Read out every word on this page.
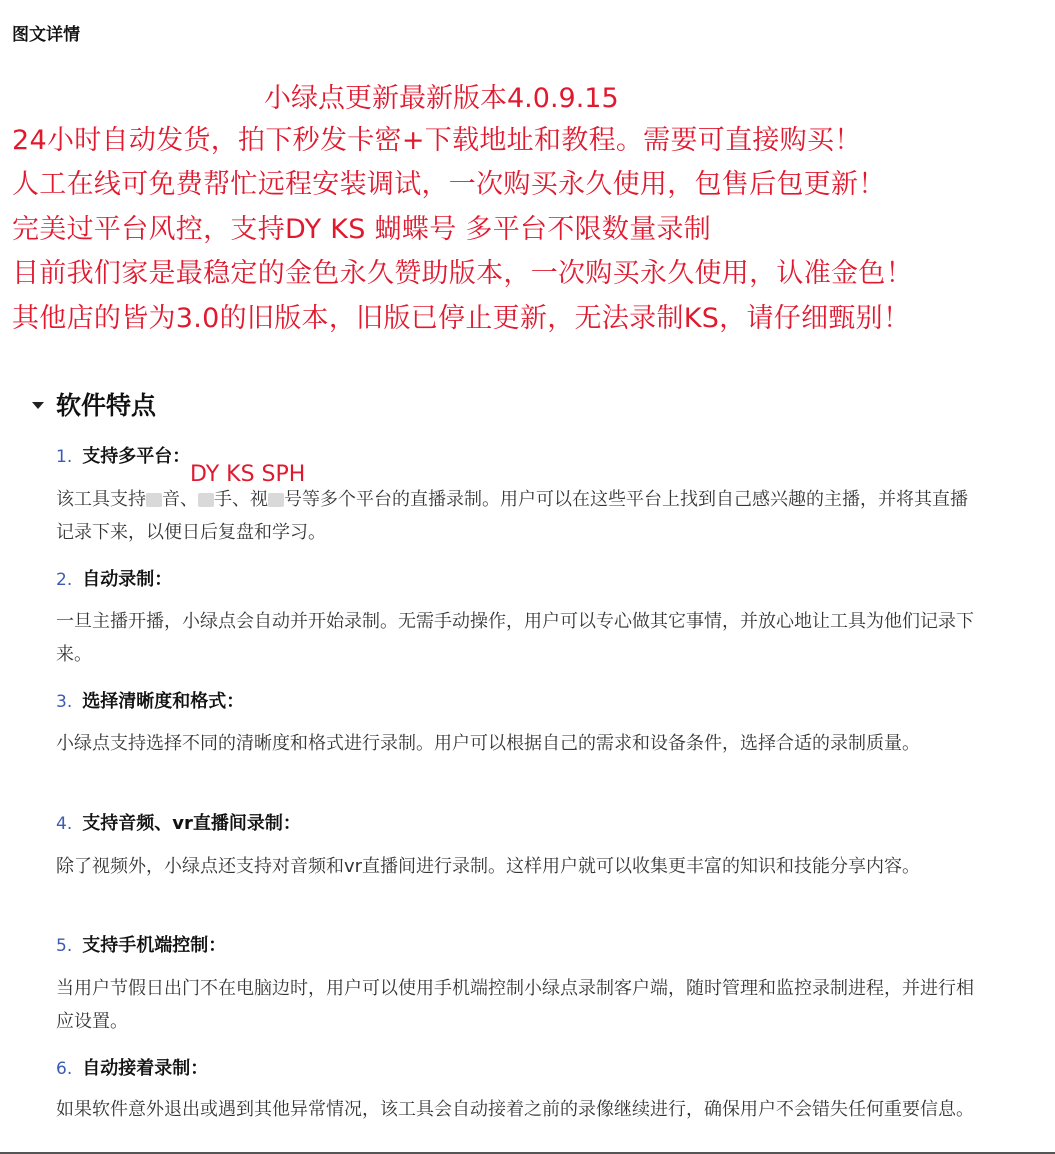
图文详情
小绿点更新最新版本4.0.9.15
24小时自动发货，拍下秒发卡密+下载地址和教程。需要可直接购买！
人工在线可免费帮忙远程安装调试，一次购买永久使用，包售后包更新！
完美过平台风控，支持DY KS 蝴蝶号 多平台不限数量录制
目前我们家是最稳定的金色永久赞助版本，一次购买永久使用，认准金色！
其他店的皆为3.0的旧版本，旧版已停止更新，无法录制KS，请仔细甄别！
软件特点
1. 支持多平台：
DY KS SPH
该工具支持 音、 手、视 号等多个平台的直播录制。用户可以在这些平台上找到自己感兴趣的主播，并将其直播记录下来，以便日后复盘和学习。
2. 自动录制：
一旦主播开播，小绿点会自动并开始录制。无需手动操作，用户可以专心做其它事情，并放心地让工具为他们记录下来。
3. 选择清晰度和格式：
小绿点支持选择不同的清晰度和格式进行录制。用户可以根据自己的需求和设备条件，选择合适的录制质量。
4. 支持音频、vr直播间录制：
除了视频外，小绿点还支持对音频和vr直播间进行录制。这样用户就可以收集更丰富的知识和技能分享内容。
5. 支持手机端控制：
当用户节假日出门不在电脑边时，用户可以使用手机端控制小绿点录制客户端，随时管理和监控录制进程，并进行相应设置。
6. 自动接着录制：
如果软件意外退出或遇到其他异常情况，该工具会自动接着之前的录像继续进行，确保用户不会错失任何重要信息。
